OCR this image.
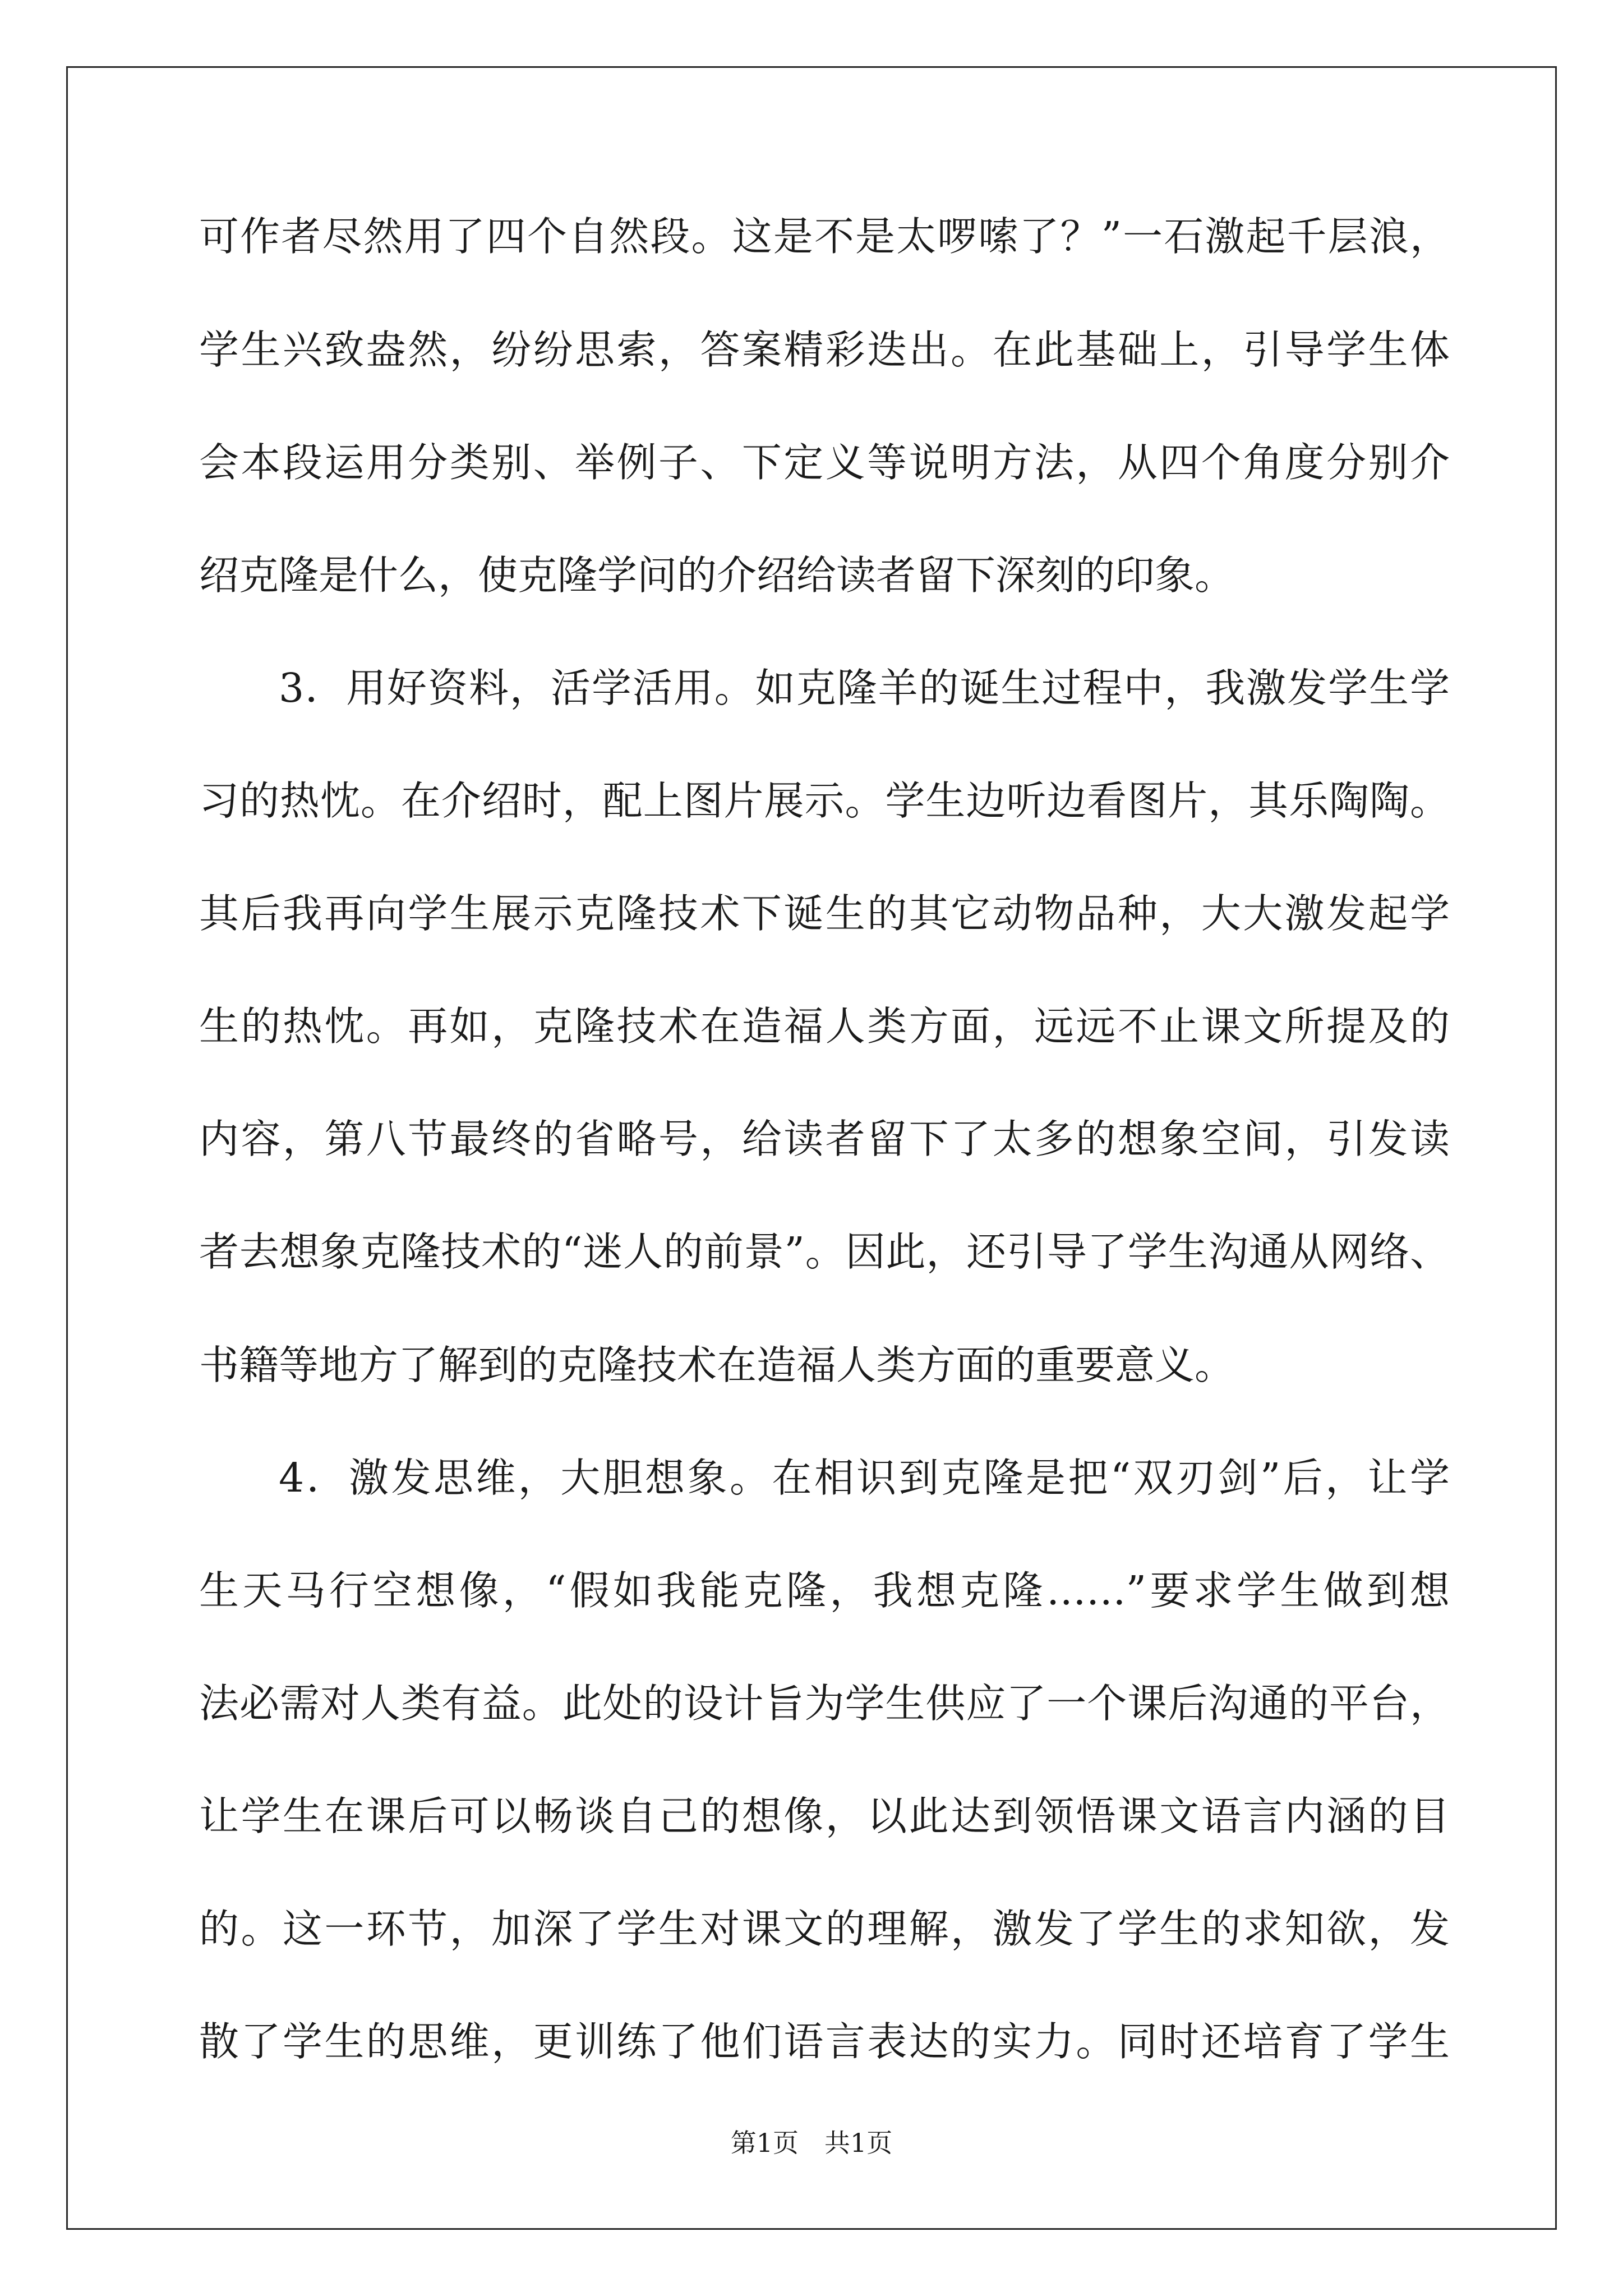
可作者尽然用了四个自然段。这是不是太啰嗦了？”一石激起千层浪，
学生兴致盎然，纷纷思索，答案精彩迭出。在此基础上，引导学生体
会本段运用分类别、举例子、下定义等说明方法，从四个角度分别介
绍克隆是什么，使克隆学问的介绍给读者留下深刻的印象。
3．用好资料，活学活用。如克隆羊的诞生过程中，我激发学生学
习的热忱。在介绍时，配上图片展示。学生边听边看图片，其乐陶陶。
其后我再向学生展示克隆技术下诞生的其它动物品种，大大激发起学
生的热忱。再如，克隆技术在造福人类方面，远远不止课文所提及的
内容，第八节最终的省略号，给读者留下了太多的想象空间，引发读
者去想象克隆技术的“迷人的前景”。因此，还引导了学生沟通从网络、
书籍等地方了解到的克隆技术在造福人类方面的重要意义。
4．激发思维，大胆想象。在相识到克隆是把“双刃剑”后，让学
生天马行空想像，“假如我能克隆，我想克隆……”要求学生做到想
法必需对人类有益。此处的设计旨为学生供应了一个课后沟通的平台，
让学生在课后可以畅谈自己的想像，以此达到领悟课文语言内涵的目
的。这一环节，加深了学生对课文的理解，激发了学生的求知欲，发
散了学生的思维，更训练了他们语言表达的实力。同时还培育了学生
第1页 共1页
